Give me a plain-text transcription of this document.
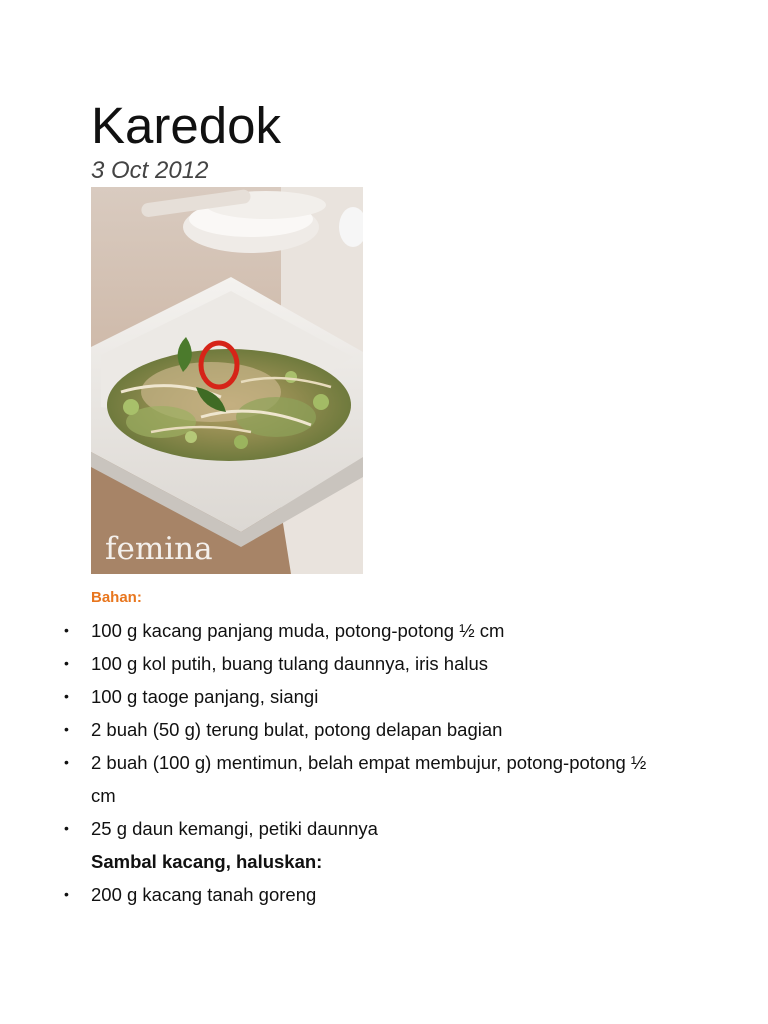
Karedok
3 Oct 2012
femina
Bahan:
• 100 g kacang panjang muda, potong-potong ½ cm
• 100 g kol putih, buang tulang daunnya, iris halus
• 100 g taoge panjang, siangi
• 2 buah (50 g) terung bulat, potong delapan bagian
• 2 buah (100 g) mentimun, belah empat membujur, potong-potong ½ cm
• 25 g daun kemangi, petiki daunnya
Sambal kacang, haluskan:
• 200 g kacang tanah goreng
